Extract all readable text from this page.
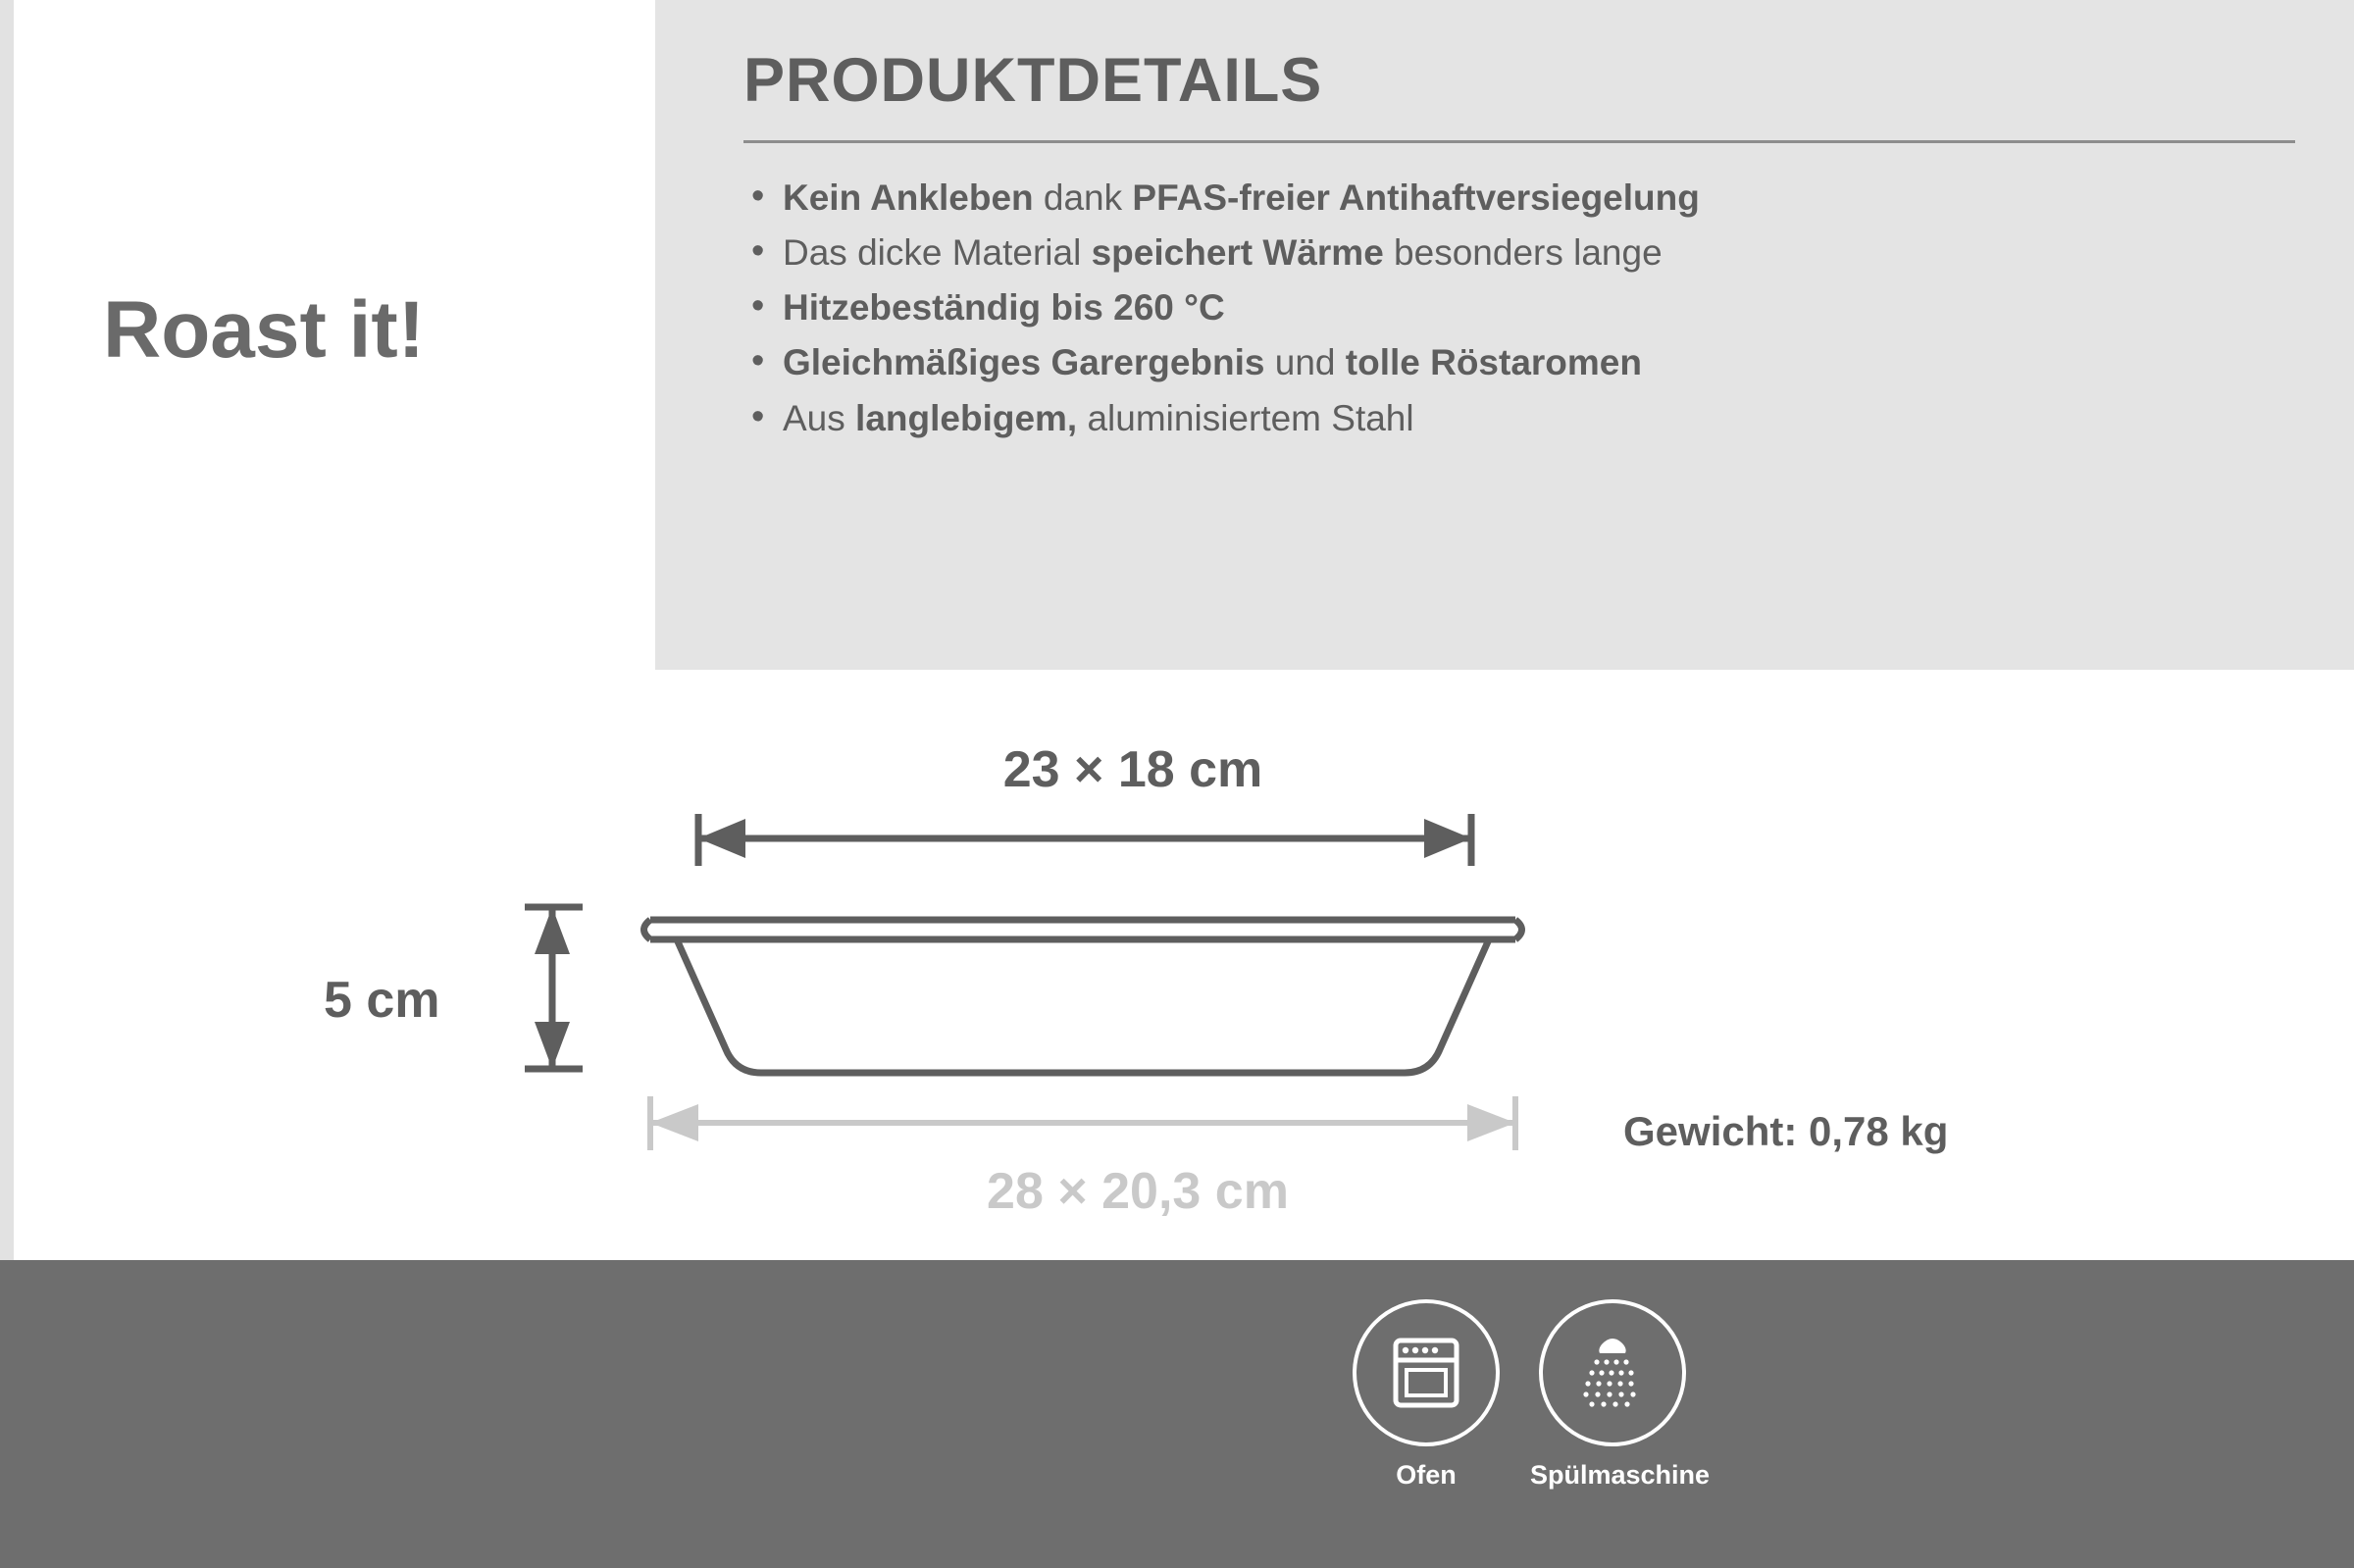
Roast it!
PRODUKTDETAILS
• Kein Ankleben dank PFAS-freier Antihaftversiegelung
• Das dicke Material speichert Wärme besonders lange
• Hitzebeständig bis 260 °C
• Gleichmäßiges Garergebnis und tolle Röstaromen
• Aus langlebigem, aluminisiertem Stahl
23 × 18 cm
5 cm
28 × 20,3 cm
Gewicht: 0,78 kg
Ofen	Spülmaschine
